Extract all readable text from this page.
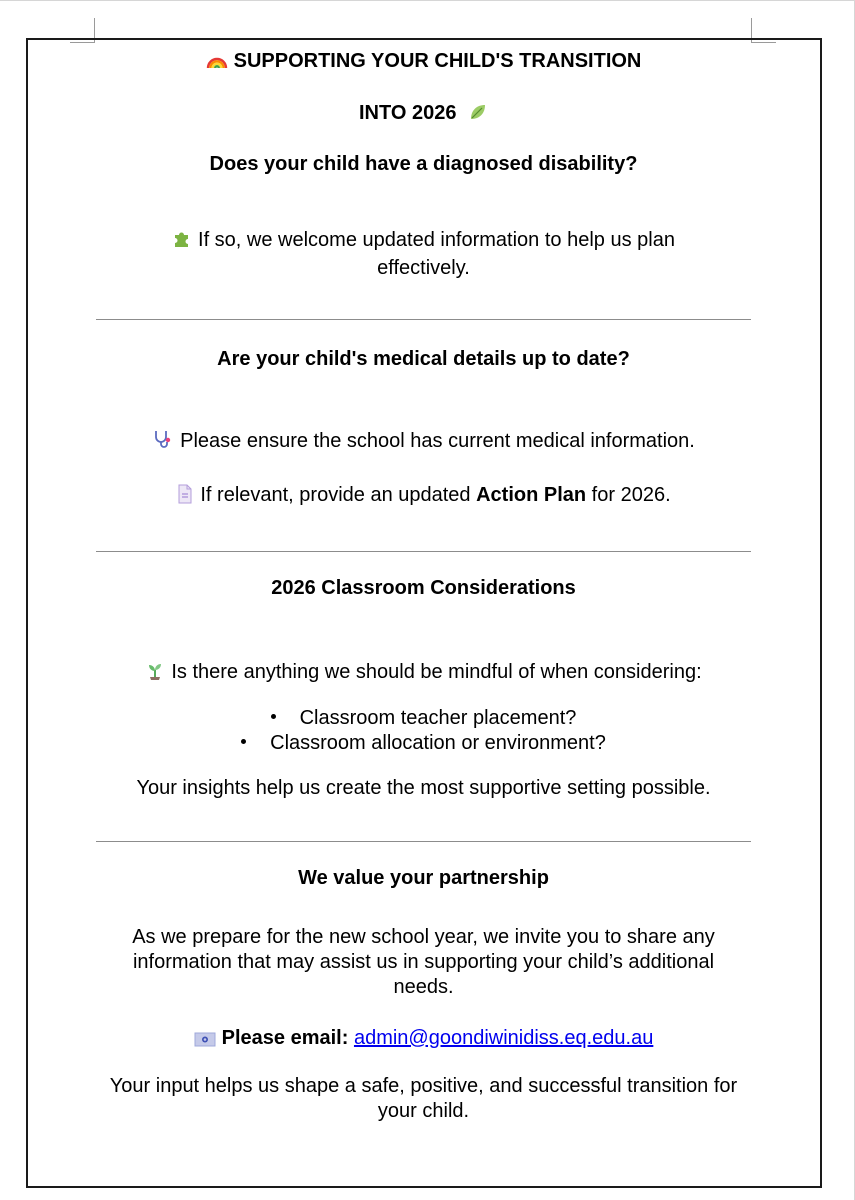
SUPPORTING YOUR CHILD'S TRANSITION

INTO 2026

Does your child have a diagnosed disability?

If so, we welcome updated information to help us plan effectively.

Are your child's medical details up to date?

Please ensure the school has current medical information.

If relevant, provide an updated Action Plan for 2026.

2026 Classroom Considerations

Is there anything we should be mindful of when considering:

Classroom teacher placement?
Classroom allocation or environment?

Your insights help us create the most supportive setting possible.

We value your partnership

As we prepare for the new school year, we invite you to share any information that may assist us in supporting your child’s additional needs.

Please email: admin@goondiwinidiss.eq.edu.au

Your input helps us shape a safe, positive, and successful transition for your child.
